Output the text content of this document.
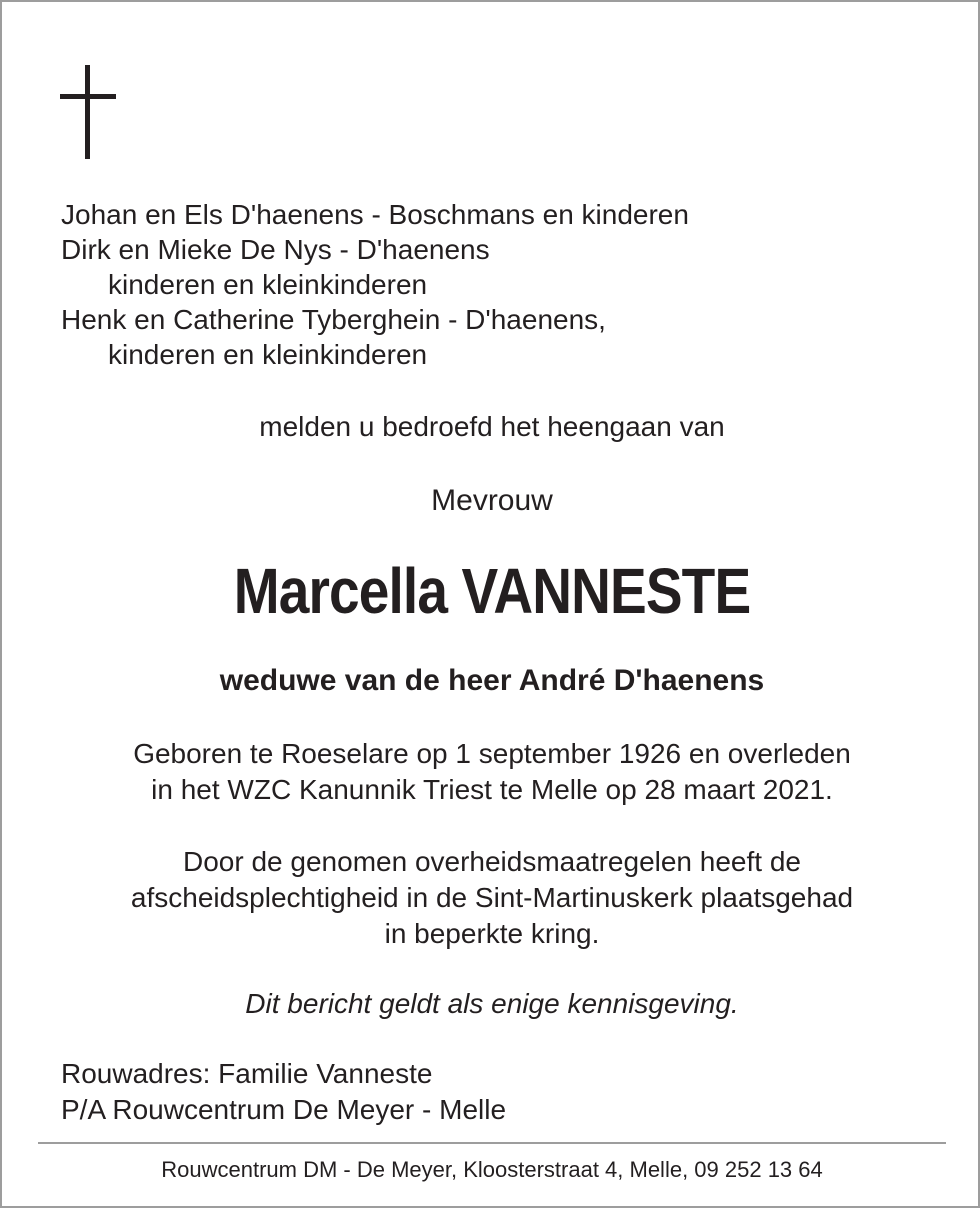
Johan en Els D'haenens - Boschmans en kinderen
Dirk en Mieke De Nys - D'haenens
kinderen en kleinkinderen
Henk en Catherine Tyberghein - D'haenens,
kinderen en kleinkinderen
melden u bedroefd het heengaan van
Mevrouw
Marcella VANNESTE
weduwe van de heer André D'haenens
Geboren te Roeselare op 1 september 1926 en overleden
in het WZC Kanunnik Triest te Melle op 28 maart 2021.
Door de genomen overheidsmaatregelen heeft de
afscheidsplechtigheid in de Sint-Martinuskerk plaatsgehad
in beperkte kring.
Dit bericht geldt als enige kennisgeving.
Rouwadres: Familie Vanneste
P/A Rouwcentrum De Meyer - Melle
Rouwcentrum DM - De Meyer, Kloosterstraat 4, Melle, 09 252 13 64
